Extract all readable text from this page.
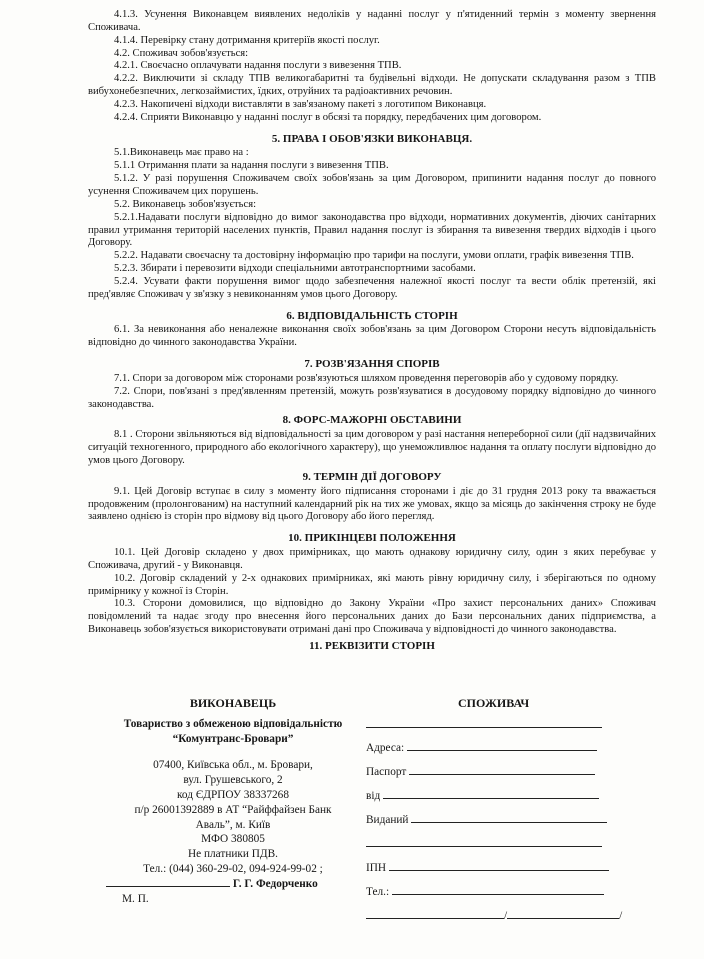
4.1.3. Усунення Виконавцем виявлених недоліків у наданні послуг у п'ятиденний термін з моменту звернення Споживача.

4.1.4. Перевірку стану дотримання критеріїв якості послуг.

4.2. Споживач зобов'язується:

4.2.1. Своєчасно оплачувати надання послуги з вивезення ТПВ.

4.2.2. Виключити зі складу ТПВ великогабаритні та будівельні відходи. Не допускати складування разом з ТПВ вибухонебезпечних, легкозаймистих, їдких, отруйних та радіоактивних речовин.

4.2.3. Накопичені відходи виставляти в зав'язаному пакеті з логотипом Виконавця.

4.2.4. Сприяти Виконавцю у наданні послуг в обсязі та порядку, передбачених цим договором.

5. ПРАВА І ОБОВ'ЯЗКИ ВИКОНАВЦЯ.

5.1.Виконавець має право на :

5.1.1 Отримання плати за надання послуги з вивезення ТПВ.

5.1.2. У разі порушення Споживачем своїх зобов'язань за цим Договором, припинити надання послуг до повного усунення Споживачем цих порушень.

5.2. Виконавець зобов'язується:

5.2.1.Надавати послуги відповідно до вимог законодавства про відходи, нормативних документів, діючих санітарних правил утримання територій населених пунктів, Правил надання послуг із збирання та вивезення твердих відходів і цього Договору.

5.2.2. Надавати своєчасну та достовірну інформацію про тарифи на послуги, умови оплати, графік вивезення ТПВ.

5.2.3. Збирати і перевозити відходи спеціальними автотранспортними засобами.

5.2.4. Усувати факти порушення вимог щодо забезпечення належної якості послуг та вести облік претензій, які пред'являє Споживач у зв'язку з невиконанням умов цього Договору.

6. ВІДПОВІДАЛЬНІСТЬ СТОРІН

6.1. За невиконання або неналежне виконання своїх зобов'язань за цим Договором Сторони несуть відповідальність відповідно до чинного законодавства України.

7. РОЗВ'ЯЗАННЯ СПОРІВ

7.1. Спори за договором між сторонами розв'язуються шляхом проведення переговорів або у судовому порядку.

7.2. Спори, пов'язані з пред'явленням претензій, можуть розв'язуватися в досудовому порядку відповідно до чинного законодавства.

8. ФОРС-МАЖОРНІ ОБСТАВИНИ

8.1 . Сторони звільняються від відповідальності за цим договором у разі настання непереборної сили (дії надзвичайних ситуацій техногенного, природного або екологічного характеру), що унеможливлює надання та оплату послуги відповідно до умов цього Договору.

9. ТЕРМІН ДІЇ ДОГОВОРУ

9.1. Цей Договір вступає в силу з моменту його підписання сторонами і діє до 31 грудня 2013 року та вважається продовженим (пролонгованим) на наступний календарний рік на тих же умовах, якщо за місяць до закінчення строку не буде заявлено однією із сторін про відмову від цього Договору або його перегляд.

10. ПРИКІНЦЕВІ ПОЛОЖЕННЯ

10.1. Цей Договір складено у двох примірниках, що мають однакову юридичну силу, один з яких перебуває у Споживача, другий - у Виконавця.

10.2. Договір складений у 2-х однакових примірниках, які мають рівну юридичну силу, і зберігаються по одному примірнику у кожної із Сторін.

10.3. Сторони домовилися, що відповідно до Закону України «Про захист персональних даних» Споживач повідомлений та надає згоду про внесення його персональних даних до Бази персональних даних підприємства, а Виконавець зобов'язується використовувати отримані дані про Споживача у відповідності до чинного законодавства.

11. РЕКВІЗИТИ СТОРІН
ВИКОНАВЕЦЬ
Товариство з обмеженою відповідальністю
“Комунтранс-Бровари”
07400, Київська обл., м. Бровари,
вул. Грушевського, 2
код ЄДРПОУ 38337268
п/р 26001392889 в АТ “Райффайзен Банк
Аваль”, м. Київ
МФО 380805
Не платники ПДВ.
Тел.: (044) 360-29-02, 094-924-99-02 ;
Г. Г. Федорченко
М. П.
СПОЖИВАЧ
Адреса:
Паспорт
від
Виданий
ІПН
Тел.:
/	/
